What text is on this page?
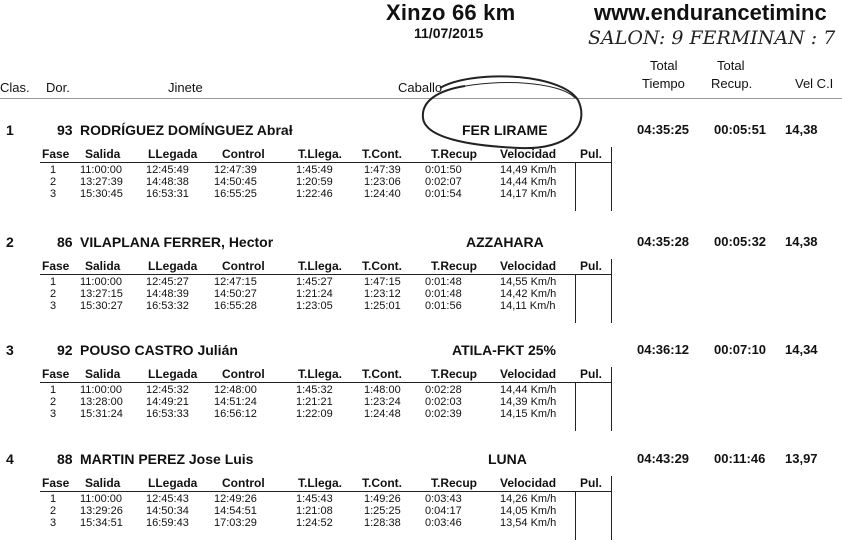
Xinzo 66 km
11/07/2015
www.endurancetiminc
SALON: 9 FERMINAN : 7
Clas. Dor.	Jinete	Caballo
Total
Tiempo
Total
Recup.	Vel C.I
1	93 RODRÍGUEZ DOMÍNGUEZ Abraƚ	FER LIRAME	04:35:25 00:05:51 14,38
Fase Salida LLegada Control	T.Llega. T.Cont. T.Recup Velocidad Pul.
1 11:00:00 12:45:49 12:47:39	1:45:49	1:47:39 0:01:50	14,49 Km/h
2 13:27:39 14:48:38 14:50:45	1:20:59	1:23:06 0:02:07	14,44 Km/h
3 15:30:45 16:53:31 16:55:25	1:22:46	1:24:40 0:01:54	14,17 Km/h
2	86 VILAPLANA FERRER, Hector	AZZAHARA	04:35:28 00:05:32 14,38
Fase Salida LLegada Control	T.Llega. T.Cont. T.Recup Velocidad Pul.
1 11:00:00 12:45:27 12:47:15	1:45:27	1:47:15 0:01:48	14,55 Km/h
2 13:27:15 14:48:39 14:50:27	1:21:24	1:23:12 0:01:48	14,42 Km/h
3 15:30:27 16:53:32 16:55:28	1:23:05	1:25:01 0:01:56	14,11 Km/h
3	92 POUSO CASTRO Julián	ATILA-FKT 25%	04:36:12 00:07:10 14,34
Fase Salida LLegada Control	T.Llega. T.Cont. T.Recup Velocidad Pul.
1 11:00:00 12:45:32 12:48:00	1:45:32	1:48:00 0:02:28	14,44 Km/h
2 13:28:00 14:49:21 14:51:24	1:21:21	1:23:24 0:02:03	14,39 Km/h
3 15:31:24 16:53:33 16:56:12	1:22:09	1:24:48 0:02:39	14,15 Km/h
4	88 MARTIN PEREZ Jose Luis	LUNA	04:43:29 00:11:46 13,97
Fase Salida LLegada Control	T.Llega. T.Cont. T.Recup Velocidad Pul.
1 11:00:00 12:45:43 12:49:26	1:45:43	1:49:26 0:03:43	14,26 Km/h
2 13:29:26 14:50:34 14:54:51	1:21:08	1:25:25 0:04:17	14,05 Km/h
3 15:34:51 16:59:43 17:03:29	1:24:52	1:28:38 0:03:46	13,54 Km/h
